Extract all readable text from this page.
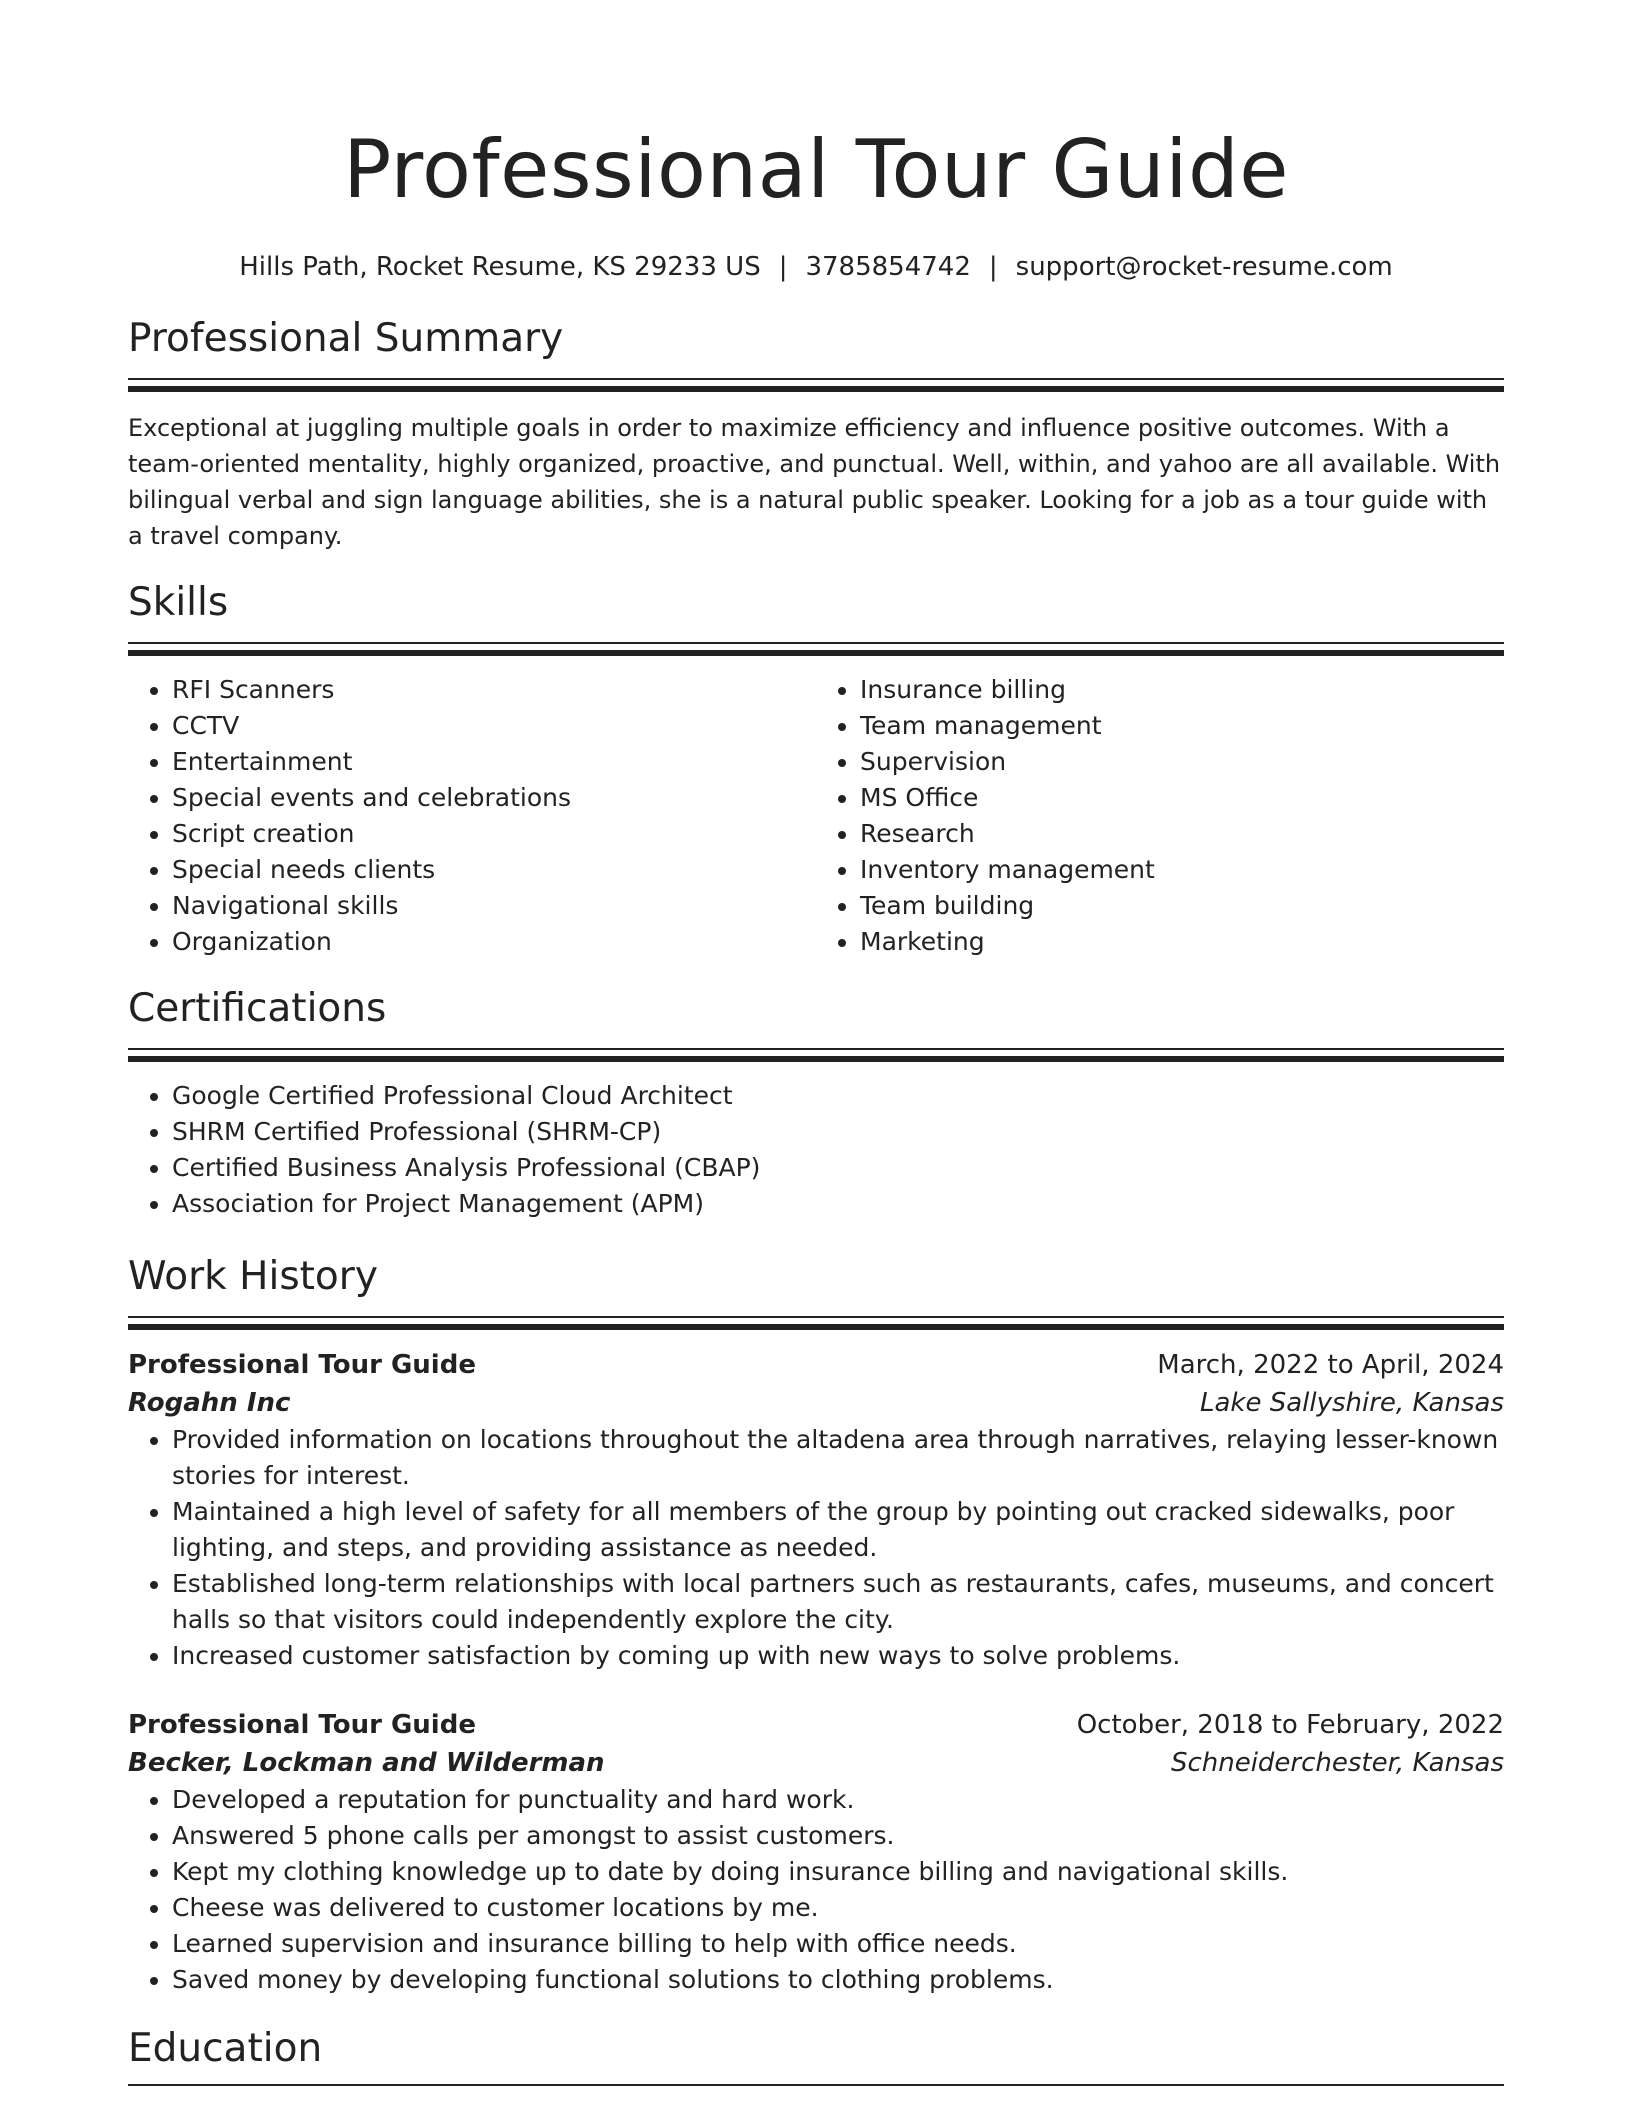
Professional Tour Guide
Hills Path, Rocket Resume, KS 29233 US | 3785854742 | support@rocket-resume.com
Professional Summary
Exceptional at juggling multiple goals in order to maximize efficiency and influence positive outcomes. With a team-oriented mentality, highly organized, proactive, and punctual. Well, within, and yahoo are all available. With bilingual verbal and sign language abilities, she is a natural public speaker. Looking for a job as a tour guide with a travel company.
Skills
• RFI Scanners
• CCTV
• Entertainment
• Special events and celebrations
• Script creation
• Special needs clients
• Navigational skills
• Organization
• Insurance billing
• Team management
• Supervision
• MS Office
• Research
• Inventory management
• Team building
• Marketing
Certifications
• Google Certified Professional Cloud Architect
• SHRM Certified Professional (SHRM-CP)
• Certified Business Analysis Professional (CBAP)
• Association for Project Management (APM)
Work History
Professional Tour Guide	March, 2022 to April, 2024
Rogahn Inc	Lake Sallyshire, Kansas
• Provided information on locations throughout the altadena area through narratives, relaying lesser-known stories for interest.
• Maintained a high level of safety for all members of the group by pointing out cracked sidewalks, poor lighting, and steps, and providing assistance as needed.
• Established long-term relationships with local partners such as restaurants, cafes, museums, and concert halls so that visitors could independently explore the city.
• Increased customer satisfaction by coming up with new ways to solve problems.
Professional Tour Guide	October, 2018 to February, 2022
Becker, Lockman and Wilderman	Schneiderchester, Kansas
• Developed a reputation for punctuality and hard work.
• Answered 5 phone calls per amongst to assist customers.
• Kept my clothing knowledge up to date by doing insurance billing and navigational skills.
• Cheese was delivered to customer locations by me.
• Learned supervision and insurance billing to help with office needs.
• Saved money by developing functional solutions to clothing problems.
Education
